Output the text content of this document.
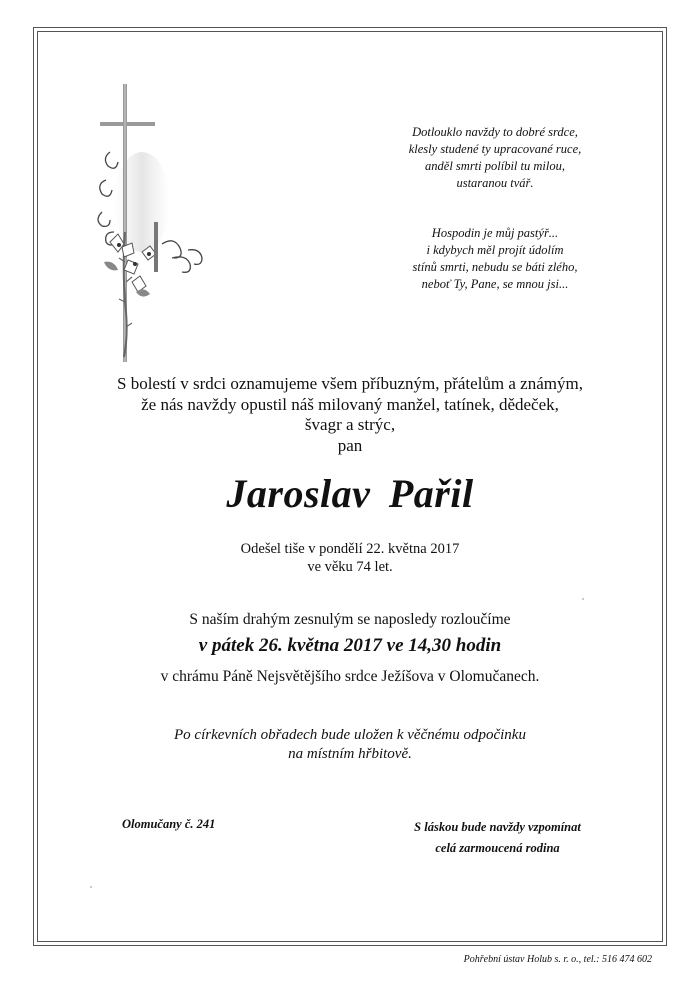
Dotlouklo navždy to dobré srdce,

klesly studené ty upracované ruce,

anděl smrti políbil tu milou,

ustaranou tvář.

Hospodin je můj pastýř...

i kdybych měl projít údolím

stínů smrti, nebudu se báti zlého,

neboť Ty, Pane, se mnou jsi...

S bolestí v srdci oznamujeme všem příbuzným, přátelům a známým,

že nás navždy opustil náš milovaný manžel, tatínek, dědeček,

švagr a strýc,

pan

Jaroslav Pařil

Odešel tiše v pondělí 22. května 2017

ve věku 74 let.

S naším drahým zesnulým se naposledy rozloučíme
v pátek 26. května 2017 ve 14,30 hodin
v chrámu Páně Nejsvětějšího srdce Ježíšova v Olomučanech.

Po církevních obřadech bude uložen k věčnému odpočinku

na místním hřbitově.

Olomučany č. 241	S láskou bude navždy vzpomínat

celá zarmoucená rodina

Pohřební ústav Holub s. r. o., tel.: 516 474 602
